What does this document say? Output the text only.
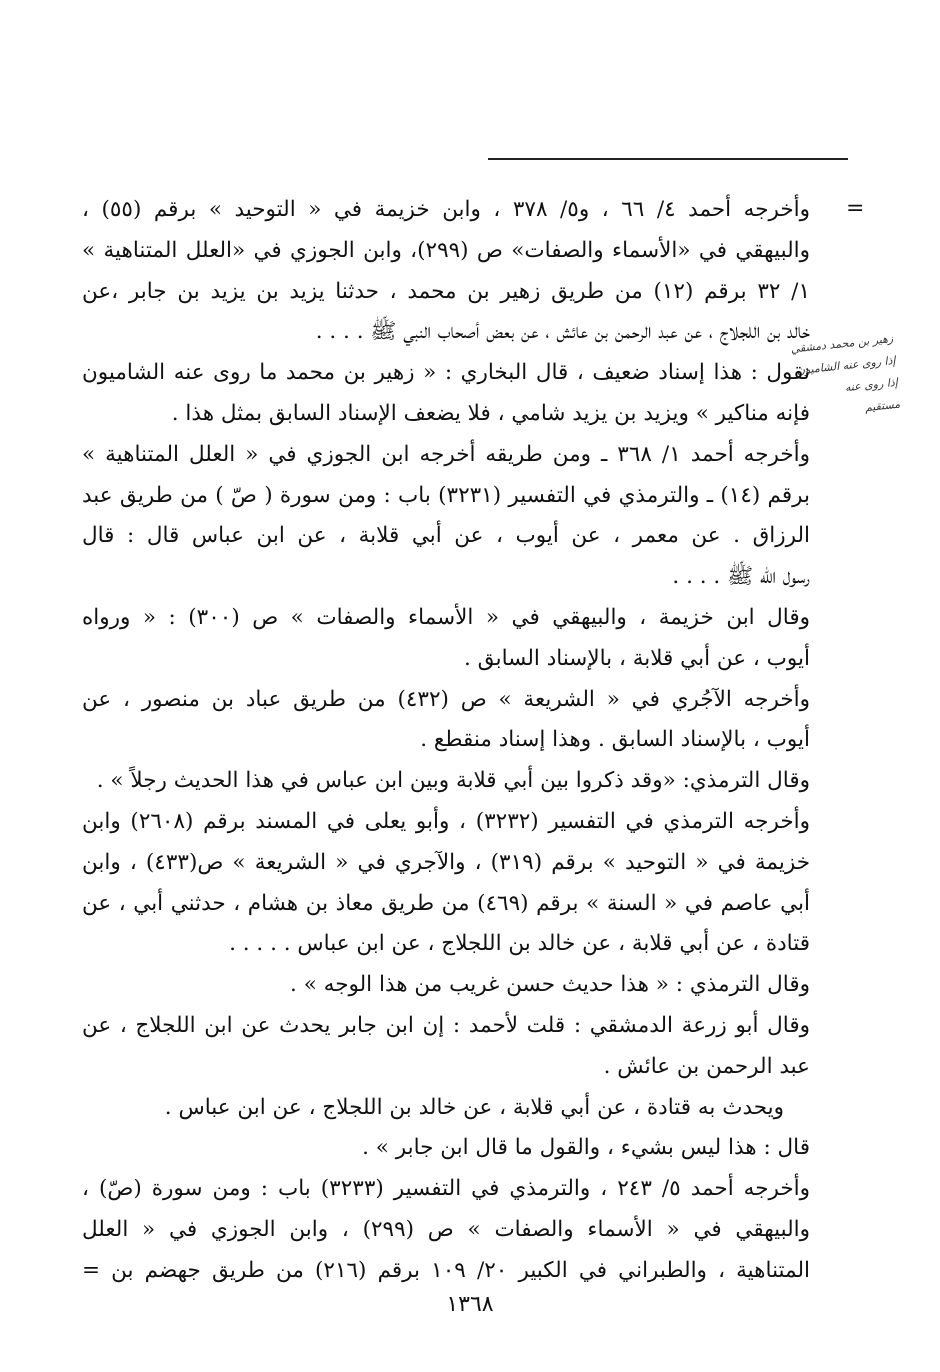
=
زهير بن محمد دمشقي
إذا روى عنه الشاميون
إذا روى عنه
مستقيم
وأخرجه أحمد ٤/ ٦٦ ، و٥/ ٣٧٨ ، وابن خزيمة في « التوحيد » برقم (٥٥) ،
والبيهقي في «الأسماء والصفات» ص (٢٩٩)، وابن الجوزي في «العلل المتناهية »
١/ ٣٢ برقم (١٢) من طريق زهير بن محمد ، حدثنا يزيد بن يزيد بن جابر ،عن
خالد بن اللجلاج ، عن عبد الرحمن بن عائش ، عن بعض أصحاب النبي ﷺ . . . .
نقول : هذا إسناد ضعيف ، قال البخاري : « زهير بن محمد ما روى عنه الشاميون
فإنه مناكير » ويزيد بن يزيد شامي ، فلا يضعف الإسناد السابق بمثل هذا .
وأخرجه أحمد ١/ ٣٦٨ ـ ومن طريقه أخرجه ابن الجوزي في « العلل المتناهية »
برقم (١٤) ـ والترمذي في التفسير (٣٢٣١) باب : ومن سورة ( صّ ) من طريق عبد
الرزاق . عن معمر ، عن أيوب ، عن أبي قلابة ، عن ابن عباس قال : قال
رسول الله ﷺ . . . .
وقال ابن خزيمة ، والبيهقي في « الأسماء والصفات » ص (٣٠٠) : « ورواه
أيوب ، عن أبي قلابة ، بالإسناد السابق .
وأخرجه الآجُري في « الشريعة » ص (٤٣٢) من طريق عباد بن منصور ، عن
أيوب ، بالإسناد السابق . وهذا إسناد منقطع .
وقال الترمذي: «وقد ذكروا بين أبي قلابة وبين ابن عباس في هذا الحديث رجلاً » .
وأخرجه الترمذي في التفسير (٣٢٣٢) ، وأبو يعلى في المسند برقم (٢٦٠٨) وابن
خزيمة في « التوحيد » برقم (٣١٩) ، والآجري في « الشريعة » ص(٤٣٣) ، وابن
أبي عاصم في « السنة » برقم (٤٦٩) من طريق معاذ بن هشام ، حدثني أبي ، عن
قتادة ، عن أبي قلابة ، عن خالد بن اللجلاج ، عن ابن عباس . . . . .
وقال الترمذي : « هذا حديث حسن غريب من هذا الوجه » .
وقال أبو زرعة الدمشقي : قلت لأحمد : إن ابن جابر يحدث عن ابن اللجلاج ، عن
عبد الرحمن بن عائش .
ويحدث به قتادة ، عن أبي قلابة ، عن خالد بن اللجلاج ، عن ابن عباس .
قال : هذا ليس بشيء ، والقول ما قال ابن جابر » .
وأخرجه أحمد ٥/ ٢٤٣ ، والترمذي في التفسير (٣٢٣٣) باب : ومن سورة (صّ) ،
والبيهقي في « الأسماء والصفات » ص (٢٩٩) ، وابن الجوزي في « العلل
المتناهية ، والطبراني في الكبير ٢٠/ ١٠٩ برقم (٢١٦) من طريق جهضم بن =
١٣٦٨
